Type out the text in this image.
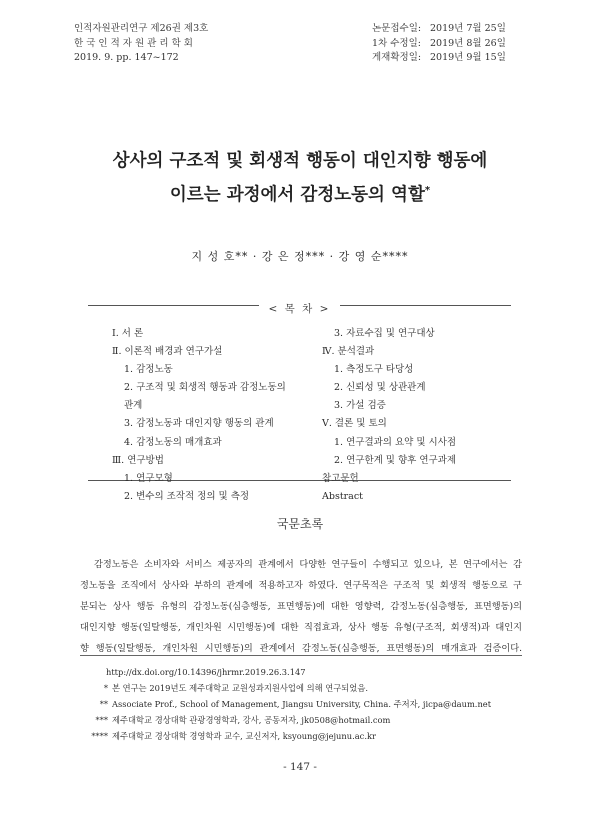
인적자원관리연구 제26권 제3호
한 국 인 적 자 원 관 리 학 회
2019. 9. pp. 147~172
논문접수일: 2019년 7월 25일
1차 수정일: 2019년 8월 26일
게재확정일: 2019년 9월 15일
상사의 구조적 및 회생적 행동이 대인지향 행동에
이르는 과정에서 감정노동의 역할*
지 성 호** · 강 은 정*** · 강 영 순****
< 목 차 >
Ⅰ. 서 론
Ⅱ. 이론적 배경과 연구가설
1. 감정노동
2. 구조적 및 회생적 행동과 감정노동의
관계
3. 감정노동과 대인지향 행동의 관계
4. 감정노동의 매개효과
Ⅲ. 연구방법
1. 연구모형
2. 변수의 조작적 정의 및 측정
3. 자료수집 및 연구대상
Ⅳ. 분석결과
1. 측정도구 타당성
2. 신뢰성 및 상관관계
3. 가설 검증
Ⅴ. 결론 및 토의
1. 연구결과의 요약 및 시사점
2. 연구한계 및 향후 연구과제
참고문헌
Abstract
국문초록
감정노동은 소비자와 서비스 제공자의 관계에서 다양한 연구들이 수행되고 있으나, 본 연구에서는 감
정노동을 조직에서 상사와 부하의 관계에 적용하고자 하였다. 연구목적은 구조적 및 회생적 행동으로 구
분되는 상사 행동 유형의 감정노동(심층행동, 표면행동)에 대한 영향력, 감정노동(심층행동, 표면행동)의
대인지향 행동(일탈행동, 개인차원 시민행동)에 대한 직접효과, 상사 행동 유형(구조적, 회생적)과 대인지
향 행동(일탈행동, 개인차원 시민행동)의 관계에서 감정노동(심층행동, 표면행동)의 매개효과 검증이다.
http://dx.doi.org/10.14396/jhrmr.2019.26.3.147
* 본 연구는 2019년도 제주대학교 교원성과지원사업에 의해 연구되었음.
** Associate Prof., School of Management, Jiangsu University, China. 주저자, jicpa@daum.net
*** 제주대학교 경상대학 관광경영학과, 강사, 공동저자, jk0508@hotmail.com
**** 제주대학교 경상대학 경영학과 교수, 교신저자, ksyoung@jejunu.ac.kr
- 147 -
